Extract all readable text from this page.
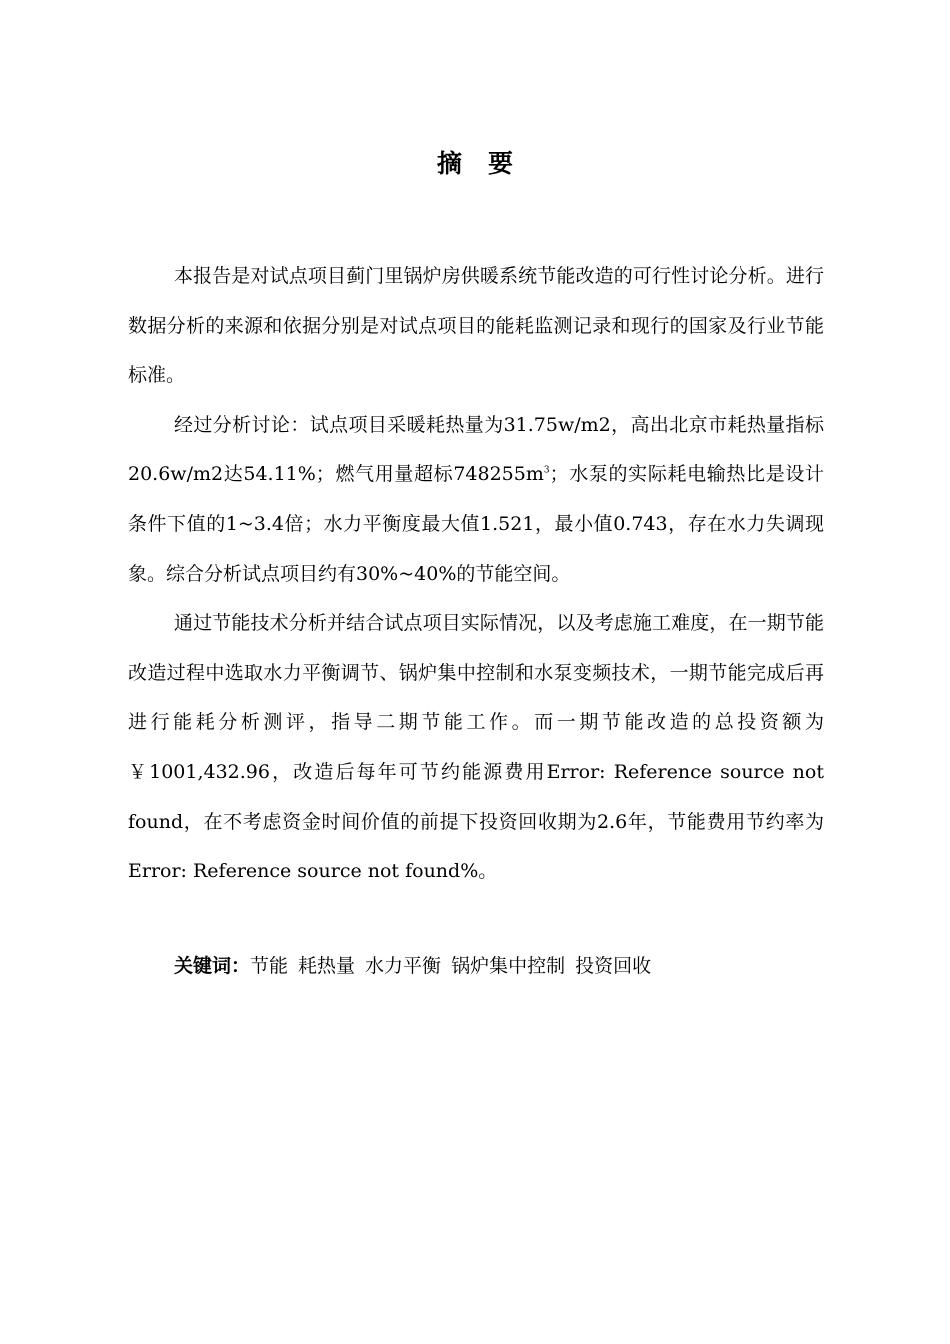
摘 要

本报告是对试点项目蓟门里锅炉房供暖系统节能改造的可行性讨论分析。进行数据分析的来源和依据分别是对试点项目的能耗监测记录和现行的国家及行业节能标准。

经过分析讨论：试点项目采暖耗热量为31.75w/m2，高出北京市耗热量指标20.6w/m2达54.11%；燃气用量超标$748255m^3$；水泵的实际耗电输热比是设计条件下值的1~3.4倍；水力平衡度最大值1.521，最小值0.743，存在水力失调现象。综合分析试点项目约有30%~40%的节能空间。

通过节能技术分析并结合试点项目实际情况，以及考虑施工难度，在一期节能改造过程中选取水力平衡调节、锅炉集中控制和水泵变频技术，一期节能完成后再进行能耗分析测评，指导二期节能工作。而一期节能改造的总投资额为￥1001,432.96，改造后每年可节约能源费用Error: Reference source not found，在不考虑资金时间价值的前提下投资回收期为2.6年，节能费用节约率为Error: Reference source not found%。

关键词：节能 耗热量 水力平衡 锅炉集中控制 投资回收
